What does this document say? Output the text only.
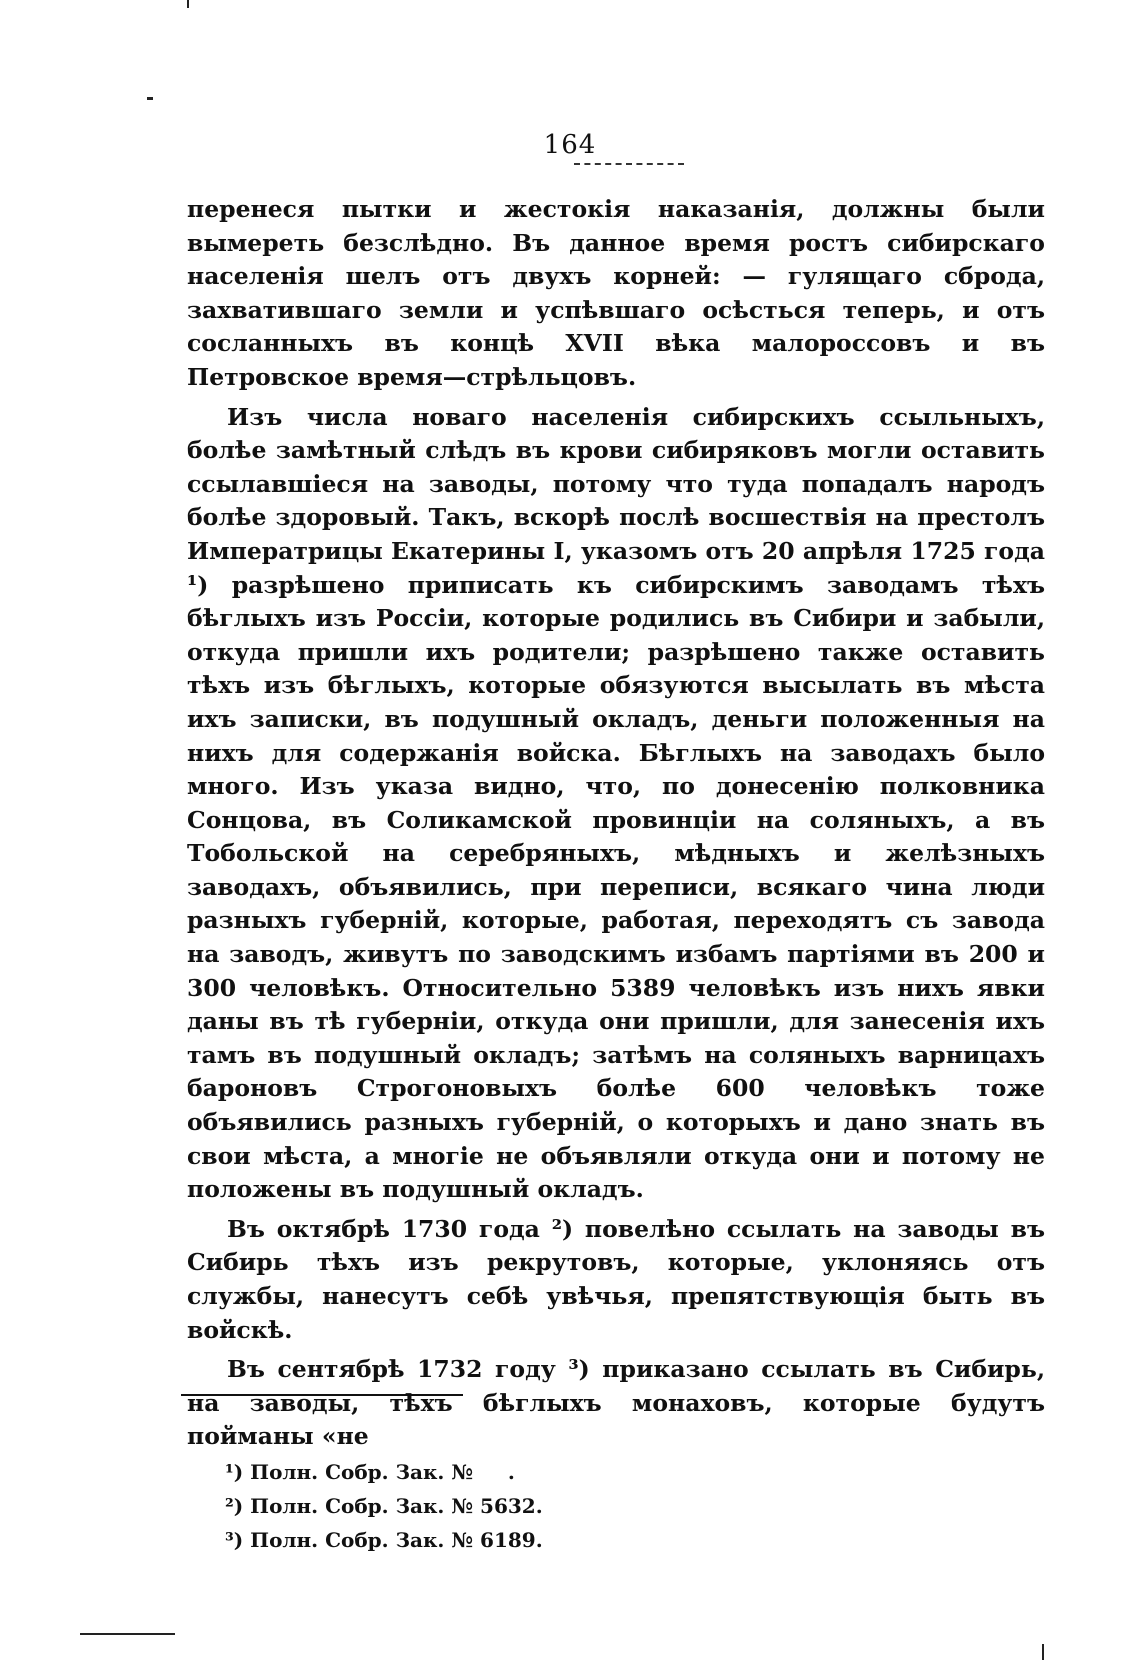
164

перенеся пытки и жестокія наказанія, должны были вымереть безслѣдно. Въ данное время ростъ сибирскаго населенія шелъ отъ двухъ корней: — гулящаго сброда, захватившаго земли и успѣвшаго осѣсться теперь, и отъ сосланныхъ въ концѣ XVII вѣка малороссовъ и въ Петровское время—стрѣльцовъ.

Изъ числа новаго населенія сибирскихъ ссыльныхъ, болѣе замѣтный слѣдъ въ крови сибиряковъ могли оставить ссылавшіеся на заводы, потому что туда попадалъ народъ болѣе здоровый. Такъ, вскорѣ послѣ восшествія на престолъ Императрицы Екатерины I, указомъ отъ 20 апрѣля 1725 года ¹) разрѣшено приписать къ сибирскимъ заводамъ тѣхъ бѣглыхъ изъ Россіи, которые родились въ Сибири и забыли, откуда пришли ихъ родители; разрѣшено также оставить тѣхъ изъ бѣглыхъ, которые обязуются высылать въ мѣста ихъ записки, въ подушный окладъ, деньги положенныя на нихъ для содержанія войска. Бѣглыхъ на заводахъ было много. Изъ указа видно, что, по донесенію полковника Сонцова, въ Соликамской провинціи на соляныхъ, а въ Тобольской на серебряныхъ, мѣдныхъ и желѣзныхъ заводахъ, объявились, при переписи, всякаго чина люди разныхъ губерній, которые, работая, переходятъ съ завода на заводъ, живутъ по заводскимъ избамъ партіями въ 200 и 300 человѣкъ. Относительно 5389 человѣкъ изъ нихъ явки даны въ тѣ губерніи, откуда они пришли, для занесенія ихъ тамъ въ подушный окладъ; затѣмъ на соляныхъ варницахъ бароновъ Строгоновыхъ болѣе 600 человѣкъ тоже объявились разныхъ губерній, о которыхъ и дано знать въ свои мѣста, а многіе не объявляли откуда они и потому не положены въ подушный окладъ.

Въ октябрѣ 1730 года ²) повелѣно ссылать на заводы въ Сибирь тѣхъ изъ рекрутовъ, которые, уклоняясь отъ службы, нанесутъ себѣ увѣчья, препятствующія быть въ войскѣ.

Въ сентябрѣ 1732 году ³) приказано ссылать въ Сибирь, на заводы, тѣхъ бѣглыхъ монаховъ, которые будутъ пойманы «не

¹) Полн. Собр. Зак. №     .
²) Полн. Собр. Зак. № 5632.
³) Полн. Собр. Зак. № 6189.
